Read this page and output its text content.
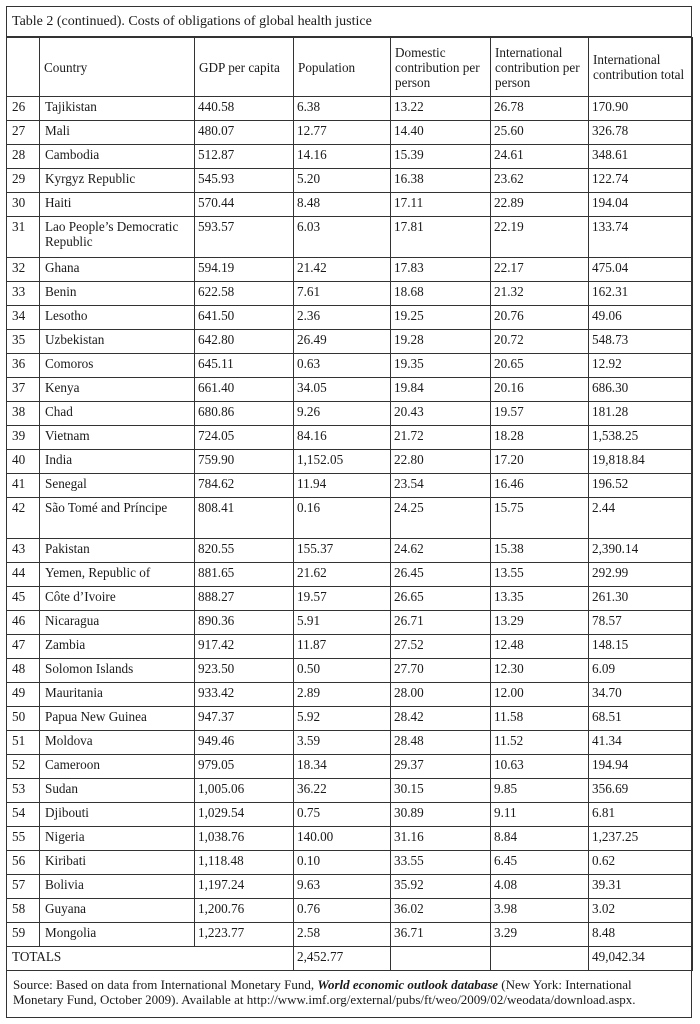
Table 2 (continued). Costs of obligations of global health justice
	Country	GDP per capita	Population	Domestic contribution per person	International contribution per person	International contribution total
26	Tajikistan	440.58	6.38	13.22	26.78	170.90
27	Mali	480.07	12.77	14.40	25.60	326.78
28	Cambodia	512.87	14.16	15.39	24.61	348.61
29	Kyrgyz Republic	545.93	5.20	16.38	23.62	122.74
30	Haiti	570.44	8.48	17.11	22.89	194.04
31	Lao People’s Democratic Republic	593.57	6.03	17.81	22.19	133.74
32	Ghana	594.19	21.42	17.83	22.17	475.04
33	Benin	622.58	7.61	18.68	21.32	162.31
34	Lesotho	641.50	2.36	19.25	20.76	49.06
35	Uzbekistan	642.80	26.49	19.28	20.72	548.73
36	Comoros	645.11	0.63	19.35	20.65	12.92
37	Kenya	661.40	34.05	19.84	20.16	686.30
38	Chad	680.86	9.26	20.43	19.57	181.28
39	Vietnam	724.05	84.16	21.72	18.28	1,538.25
40	India	759.90	1,152.05	22.80	17.20	19,818.84
41	Senegal	784.62	11.94	23.54	16.46	196.52
42	São Tomé and Príncipe	808.41	0.16	24.25	15.75	2.44
43	Pakistan	820.55	155.37	24.62	15.38	2,390.14
44	Yemen, Republic of	881.65	21.62	26.45	13.55	292.99
45	Côte d’Ivoire	888.27	19.57	26.65	13.35	261.30
46	Nicaragua	890.36	5.91	26.71	13.29	78.57
47	Zambia	917.42	11.87	27.52	12.48	148.15
48	Solomon Islands	923.50	0.50	27.70	12.30	6.09
49	Mauritania	933.42	2.89	28.00	12.00	34.70
50	Papua New Guinea	947.37	5.92	28.42	11.58	68.51
51	Moldova	949.46	3.59	28.48	11.52	41.34
52	Cameroon	979.05	18.34	29.37	10.63	194.94
53	Sudan	1,005.06	36.22	30.15	9.85	356.69
54	Djibouti	1,029.54	0.75	30.89	9.11	6.81
55	Nigeria	1,038.76	140.00	31.16	8.84	1,237.25
56	Kiribati	1,118.48	0.10	33.55	6.45	0.62
57	Bolivia	1,197.24	9.63	35.92	4.08	39.31
58	Guyana	1,200.76	0.76	36.02	3.98	3.02
59	Mongolia	1,223.77	2.58	36.71	3.29	8.48
TOTALS			2,452.77			49,042.34
Source: Based on data from International Monetary Fund, World economic outlook database (New York: International Monetary Fund, October 2009). Available at http://www.imf.org/external/pubs/ft/weo/2009/02/weodata/download.aspx.
